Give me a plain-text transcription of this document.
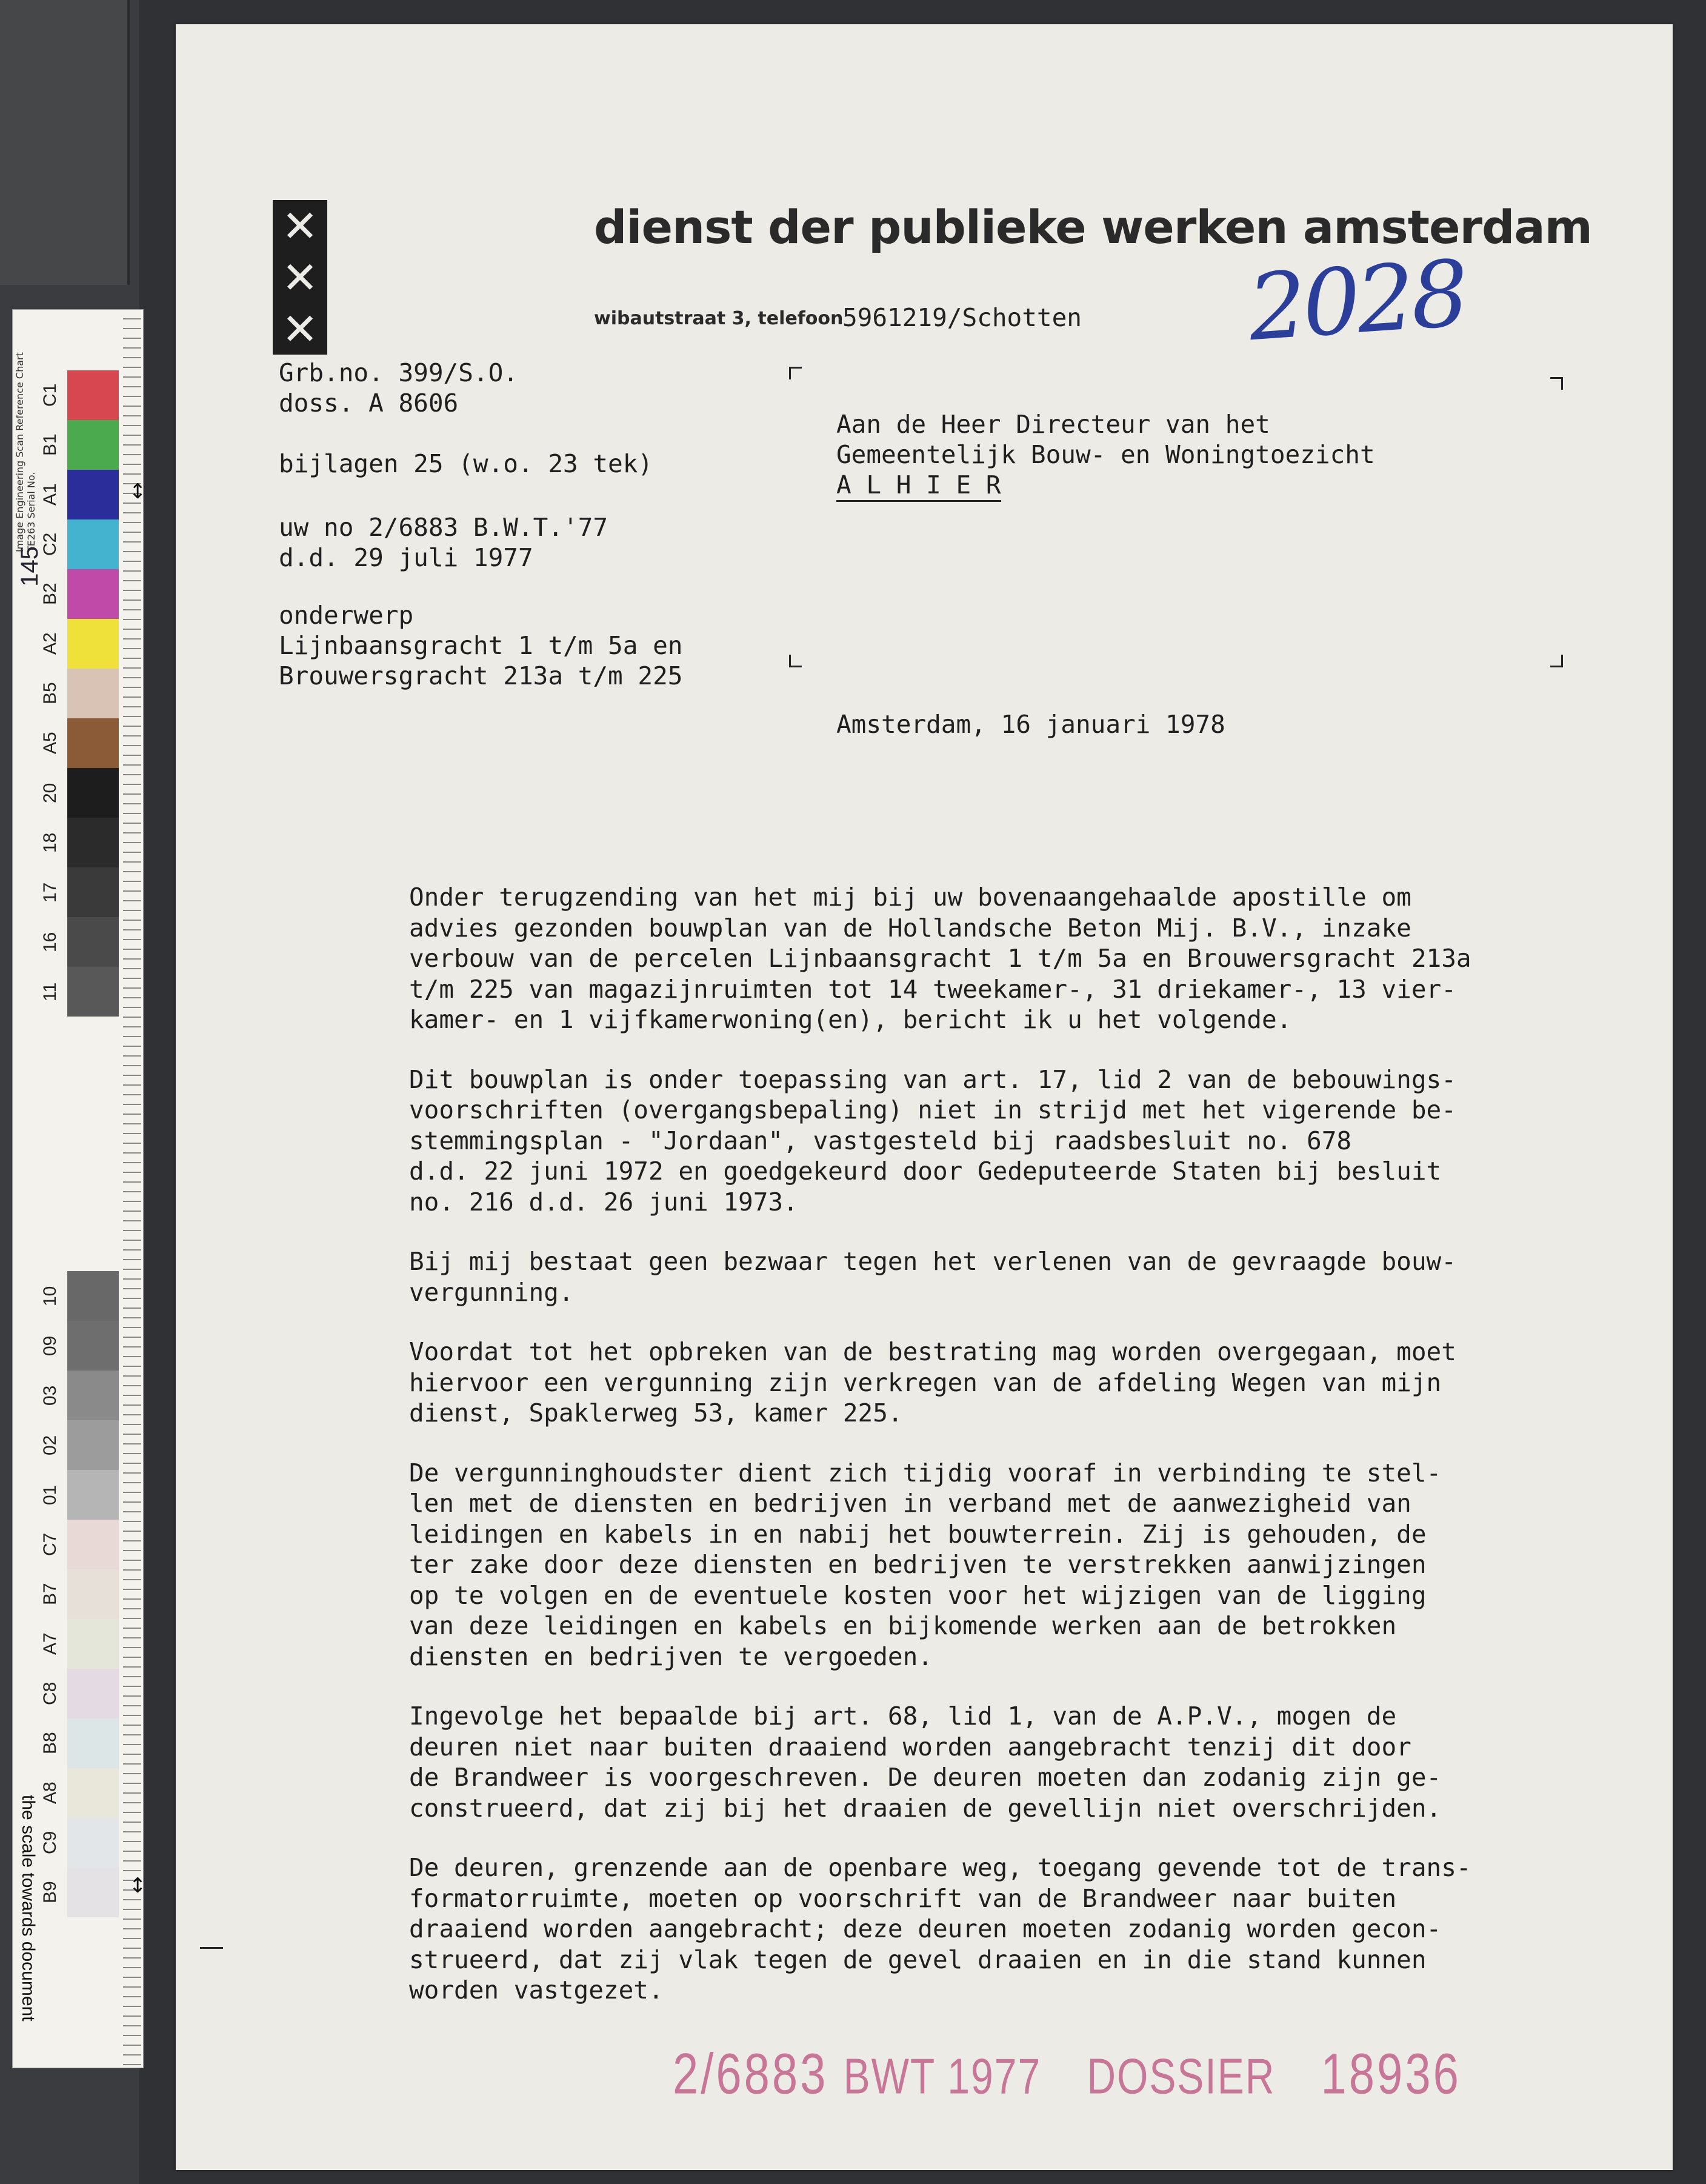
Image Engineering Scan Reference Chart TE263 Serial No.
145
↕
↕
C1
B1
A1
C2
B2
A2
B5
A5
20
18
17
16
11
10
09
03
02
01
C7
B7
A7
C8
B8
A8
C9
B9
the scale towards document
✕
✕
✕
dienst der publieke werken amsterdam
wibautstraat 3, telefoon
5961219/Schotten 2028
Grb.no. 399/S.O.
doss. A 8606
bijlagen 25 (w.o. 23 tek)
uw no 2/6883 B.W.T.'77
d.d. 29 juli 1977
onderwerp
Lijnbaansgracht 1 t/m 5a en
Brouwersgracht 213a t/m 225
Aan de Heer Directeur van het
Gemeentelijk Bouw- en Woningtoezicht
A L H I E R
Amsterdam, 16 januari 1978

Onder terugzending van het mij bij uw bovenaangehaalde apostille om
advies gezonden bouwplan van de Hollandsche Beton Mij. B.V., inzake
verbouw van de percelen Lijnbaansgracht 1 t/m 5a en Brouwersgracht 213a
t/m 225 van magazijnruimten tot 14 tweekamer-, 31 driekamer-, 13 vier-
kamer- en 1 vijfkamerwoning(en), bericht ik u het volgende.

Dit bouwplan is onder toepassing van art. 17, lid 2 van de bebouwings-
voorschriften (overgangsbepaling) niet in strijd met het vigerende be-
stemmingsplan - "Jordaan", vastgesteld bij raadsbesluit no. 678
d.d. 22 juni 1972 en goedgekeurd door Gedeputeerde Staten bij besluit
no. 216 d.d. 26 juni 1973.

Bij mij bestaat geen bezwaar tegen het verlenen van de gevraagde bouw-
vergunning.

Voordat tot het opbreken van de bestrating mag worden overgegaan, moet
hiervoor een vergunning zijn verkregen van de afdeling Wegen van mijn
dienst, Spaklerweg 53, kamer 225.

De vergunninghoudster dient zich tijdig vooraf in verbinding te stel-
len met de diensten en bedrijven in verband met de aanwezigheid van
leidingen en kabels in en nabij het bouwterrein. Zij is gehouden, de
ter zake door deze diensten en bedrijven te verstrekken aanwijzingen
op te volgen en de eventuele kosten voor het wijzigen van de ligging
van deze leidingen en kabels en bijkomende werken aan de betrokken
diensten en bedrijven te vergoeden.

Ingevolge het bepaalde bij art. 68, lid 1, van de A.P.V., mogen de
deuren niet naar buiten draaiend worden aangebracht tenzij dit door
de Brandweer is voorgeschreven. De deuren moeten dan zodanig zijn ge-
construeerd, dat zij bij het draaien de gevellijn niet overschrijden.

De deuren, grenzende aan de openbare weg, toegang gevende tot de trans-
formatorruimte, moeten op voorschrift van de Brandweer naar buiten
draaiend worden aangebracht; deze deuren moeten zodanig worden gecon-
strueerd, dat zij vlak tegen de gevel draaien en in die stand kunnen
worden vastgezet.

2/6883 BWT 1977 DOSSIER 18936
